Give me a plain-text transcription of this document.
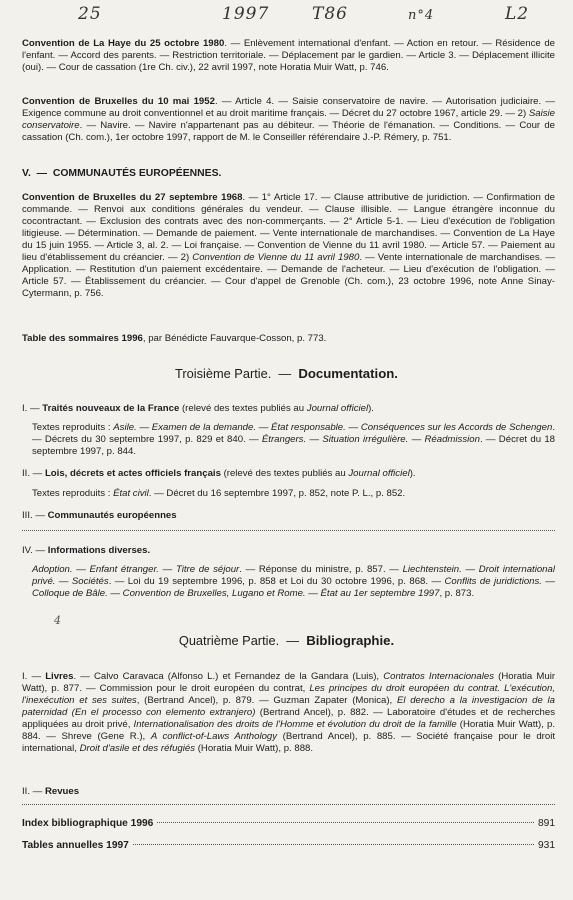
25	1997	T86	n°4	L2

Convention de La Haye du 25 octobre 1980. — Enlèvement international d'enfant. — Action en retour. — Résidence de l'enfant. — Accord des parents. — Restriction territoriale. — Déplacement par le gardien. — Article 3. — Déplacement illicite (oui). — Cour de cassation (1re Ch. civ.), 22 avril 1997, note Horatia Muir Watt, p. 746.

Convention de Bruxelles du 10 mai 1952. — Article 4. — Saisie conservatoire de navire. — Autorisation judiciaire. — Exigence commune au droit conventionnel et au droit maritime français. — Décret du 27 octobre 1967, article 29. — 2) Saisie conservatoire. — Navire. — Navire n'appartenant pas au débiteur. — Théorie de l'émanation. — Conditions. — Cour de cassation (Ch. com.), 1er octobre 1997, rapport de M. le Conseiller référendaire J.-P. Rémery, p. 751.

V. — COMMUNAUTÉS EUROPÉENNES.

Convention de Bruxelles du 27 septembre 1968. — 1° Article 17. — Clause attributive de juridiction. — Confirmation de commande. — Renvoi aux conditions générales du vendeur. — Clause illisible. — Langue étrangère inconnue du cocontractant. — Exclusion des contrats avec des non-commerçants. — 2° Article 5-1. — Lieu d'exécution de l'obligation litigieuse. — Détermination. — Demande de paiement. — Vente internationale de marchandises. — Convention de La Haye du 15 juin 1955. — Article 3, al. 2. — Loi française. — Convention de Vienne du 11 avril 1980. — Article 57. — Paiement au lieu d'établissement du créancier. — 2) Convention de Vienne du 11 avril 1980. — Vente internationale de marchandises. — Application. — Restitution d'un paiement excédentaire. — Demande de l'acheteur. — Lieu d'exécution de l'obligation. — Article 57. — Établissement du créancier. — Cour d'appel de Grenoble (Ch. com.), 23 octobre 1996, note Anne Sinay-Cytermann, p. 756.

Table des sommaires 1996, par Bénédicte Fauvarque-Cosson, p. 773.

Troisième Partie. — Documentation.

I. — Traités nouveaux de la France (relevé des textes publiés au Journal officiel).

Textes reproduits : Asile. — Examen de la demande. — État responsable. — Conséquences sur les Accords de Schengen. — Décrets du 30 septembre 1997, p. 829 et 840. — Étrangers. — Situation irrégulière. — Réadmission. — Décret du 18 septembre 1997, p. 844.

II. — Lois, décrets et actes officiels français (relevé des textes publiés au Journal officiel).

Textes reproduits : État civil. — Décret du 16 septembre 1997, p. 852, note P. L., p. 852.

III. — Communautés européennes

IV. — Informations diverses.

Adoption. — Enfant étranger. — Titre de séjour. — Réponse du ministre, p. 857. — Liechtenstein. — Droit international privé. — Sociétés. — Loi du 19 septembre 1996, p. 858 et Loi du 30 octobre 1996, p. 868. — Conflits de juridictions. — Colloque de Bâle. — Convention de Bruxelles, Lugano et Rome. — État au 1er septembre 1997, p. 873.

4

Quatrième Partie. — Bibliographie.

I. — Livres. — Calvo Caravaca (Alfonso L.) et Fernandez de la Gandara (Luis), Contratos Internacionales (Horatia Muir Watt), p. 877. — Commission pour le droit européen du contrat, Les principes du droit européen du contrat. L'exécution, l'inexécution et ses suites, (Bertrand Ancel), p. 879. — Guzman Zapater (Monica), El derecho a la investigacion de la paternidad (En el processo con elemento extranjero) (Bertrand Ancel), p. 882. — Laboratoire d'études et de recherches appliquées au droit privé, Internationalisation des droits de l'Homme et évolution du droit de la famille (Horatia Muir Watt), p. 884. — Shreve (Gene R.), A conflict-of-Laws Anthology (Bertrand Ancel), p. 885. — Société française pour le droit international, Droit d'asile et des réfugiés (Horatia Muir Watt), p. 888.

II. — Revues

Index bibliographique 1996	891
Tables annuelles 1997	931
